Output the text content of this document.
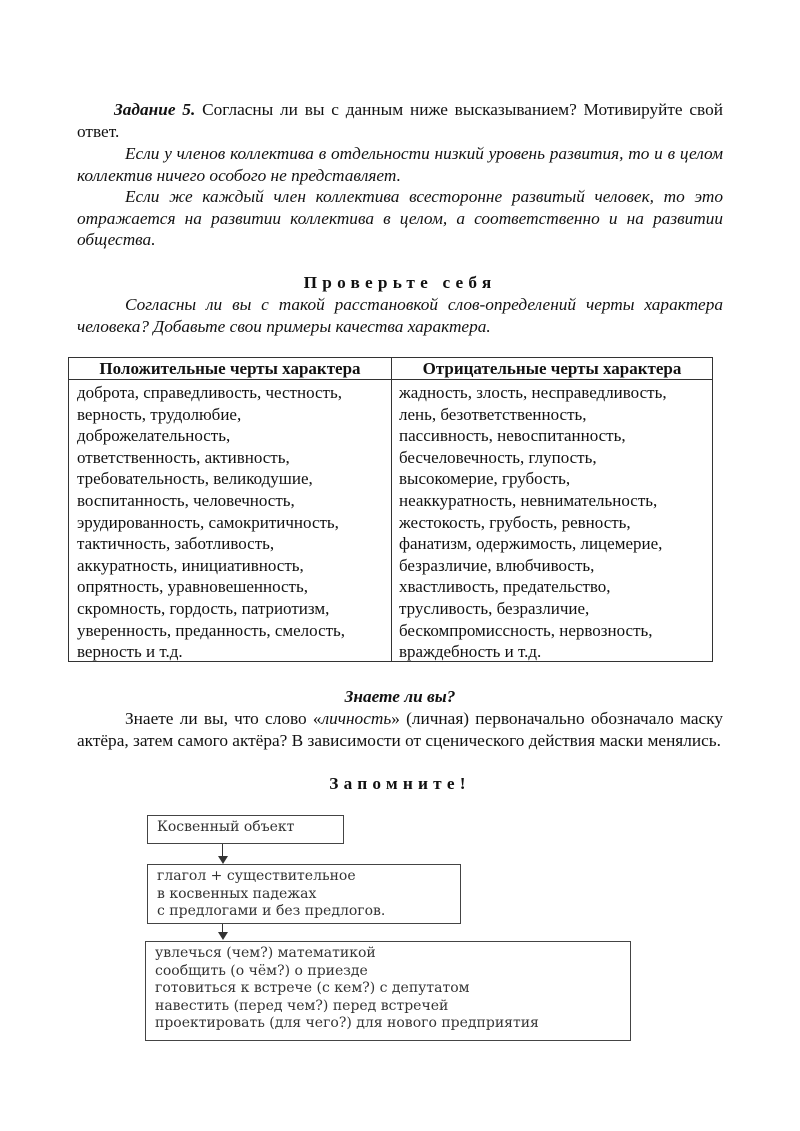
Задание 5. Согласны ли вы с данным ниже высказыванием? Мотивируйте свой ответ.

Если у членов коллектива в отдельности низкий уровень развития, то и в целом коллектив ничего особого не представляет.

Если же каждый член коллектива всесторонне развитый человек, то это отражается на развитии коллектива в целом, а соответственно и на развитии общества.

Проверьте себя

Согласны ли вы с такой расстановкой слов-определений черты характера человека? Добавьте свои примеры качества характера.

Положительные черты характера	Отрицательные черты характера
доброта, справедливость, честность,
верность, трудолюбие,
доброжелательность,
ответственность, активность,
требовательность, великодушие,
воспитанность, человечность,
эрудированность, самокритичность,
тактичность, заботливость,
аккуратность, инициативность,
опрятность, уравновешенность,
скромность, гордость, патриотизм,
уверенность, преданность, смелость,
верность и т.д.
жадность, злость, несправедливость,
лень, безответственность,
пассивность, невоспитанность,
бесчеловечность, глупость,
высокомерие, грубость,
неаккуратность, невнимательность,
жестокость, грубость, ревность,
фанатизм, одержимость, лицемерие,
безразличие, влюбчивость,
хвастливость, предательство,
трусливость, безразличие,
бескомпромиссность, нервозность,
враждебность и т.д.
Знаете ли вы?

Знаете ли вы, что слово «личность» (личная) первоначально обозначало маску актёра, затем самого актёра? В зависимости от сценического действия маски менялись.

Запомните!
Косвенный объект
глагол + существительное
в косвенных падежах
с предлогами и без предлогов.
увлечься (чем?) математикой
сообщить (о чём?) о приезде
готовиться к встрече (с кем?) с депутатом
навестить (перед чем?) перед встречей
проектировать (для чего?) для нового предприятия
